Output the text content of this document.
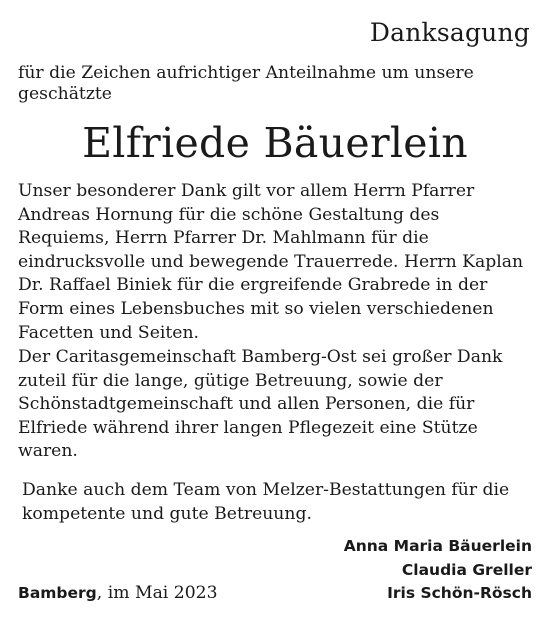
Danksagung

für die Zeichen aufrichtiger Anteilnahme um unsere geschätzte

Elfriede Bäuerlein

Unser besonderer Dank gilt vor allem Herrn Pfarrer Andreas Hornung für die schöne Gestaltung des Requiems, Herrn Pfarrer Dr. Mahlmann für die eindrucksvolle und bewegende Trauerrede. Herrn Kaplan Dr. Raffael Biniek für die ergreifende Grabrede in der Form eines Lebensbuches mit so vielen verschiedenen Facetten und Seiten.

Der Caritasgemeinschaft Bamberg-Ost sei großer Dank zuteil für die lange, gütige Betreuung, sowie der Schönstadtgemeinschaft und allen Personen, die für Elfriede während ihrer langen Pflegezeit eine Stütze waren.

Danke auch dem Team von Melzer-Bestattungen für die kompetente und gute Betreuung.

Anna Maria Bäuerlein
Claudia Greller
Iris Schön-Rösch
Bamberg, im Mai 2023
